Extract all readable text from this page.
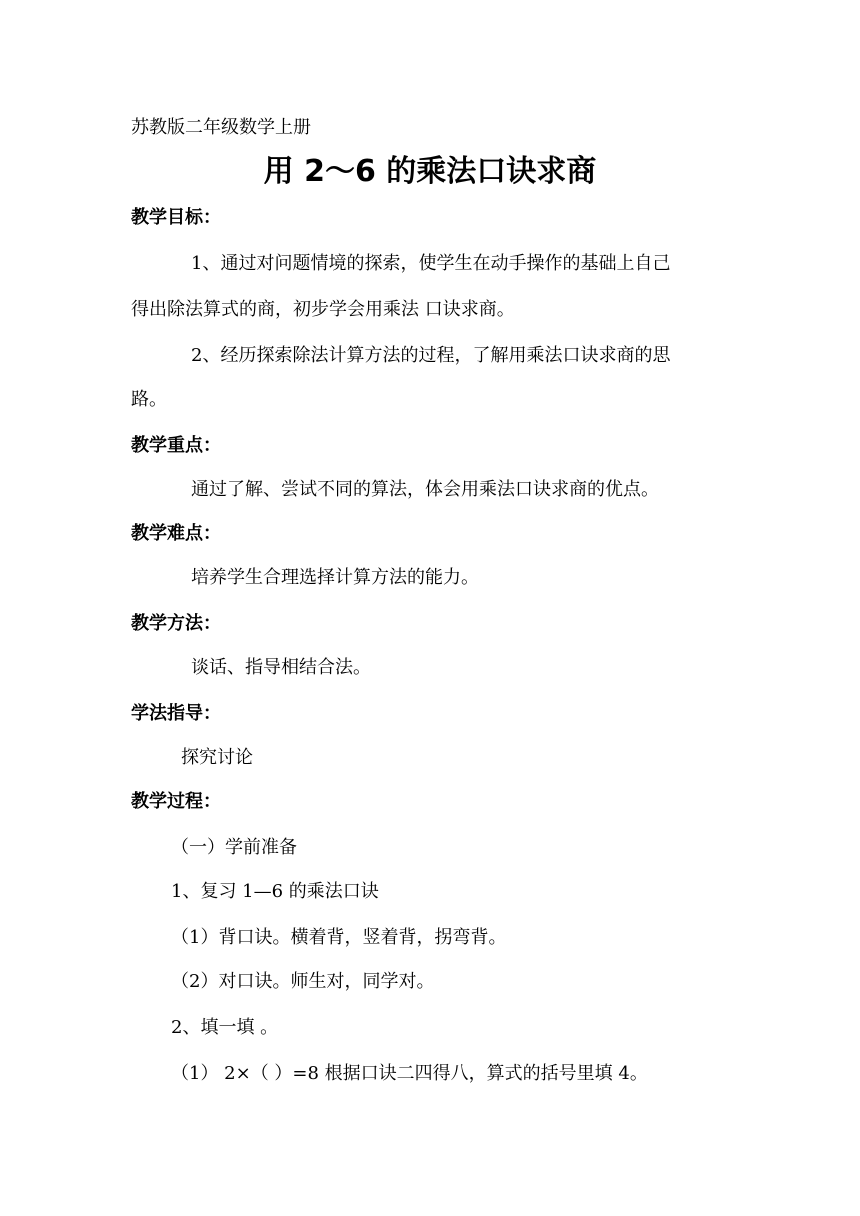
苏教版二年级数学上册
用 2～6 的乘法口诀求商
教学目标：
1、通过对问题情境的探索，使学生在动手操作的基础上自己
得出除法算式的商，初步学会用乘法 口诀求商。
2、经历探索除法计算方法的过程，了解用乘法口诀求商的思
路。
教学重点：
通过了解、尝试不同的算法，体会用乘法口诀求商的优点。
教学难点：
培养学生合理选择计算方法的能力。
教学方法：
谈话、指导相结合法。
学法指导：
探究讨论
教学过程：
（一）学前准备
1、复习 1—6 的乘法口诀
（1）背口诀。横着背，竖着背，拐弯背。
（2）对口诀。师生对，同学对。
2、填一填 。
（1） 2×（ ）=8 根据口诀二四得八，算式的括号里填 4。
